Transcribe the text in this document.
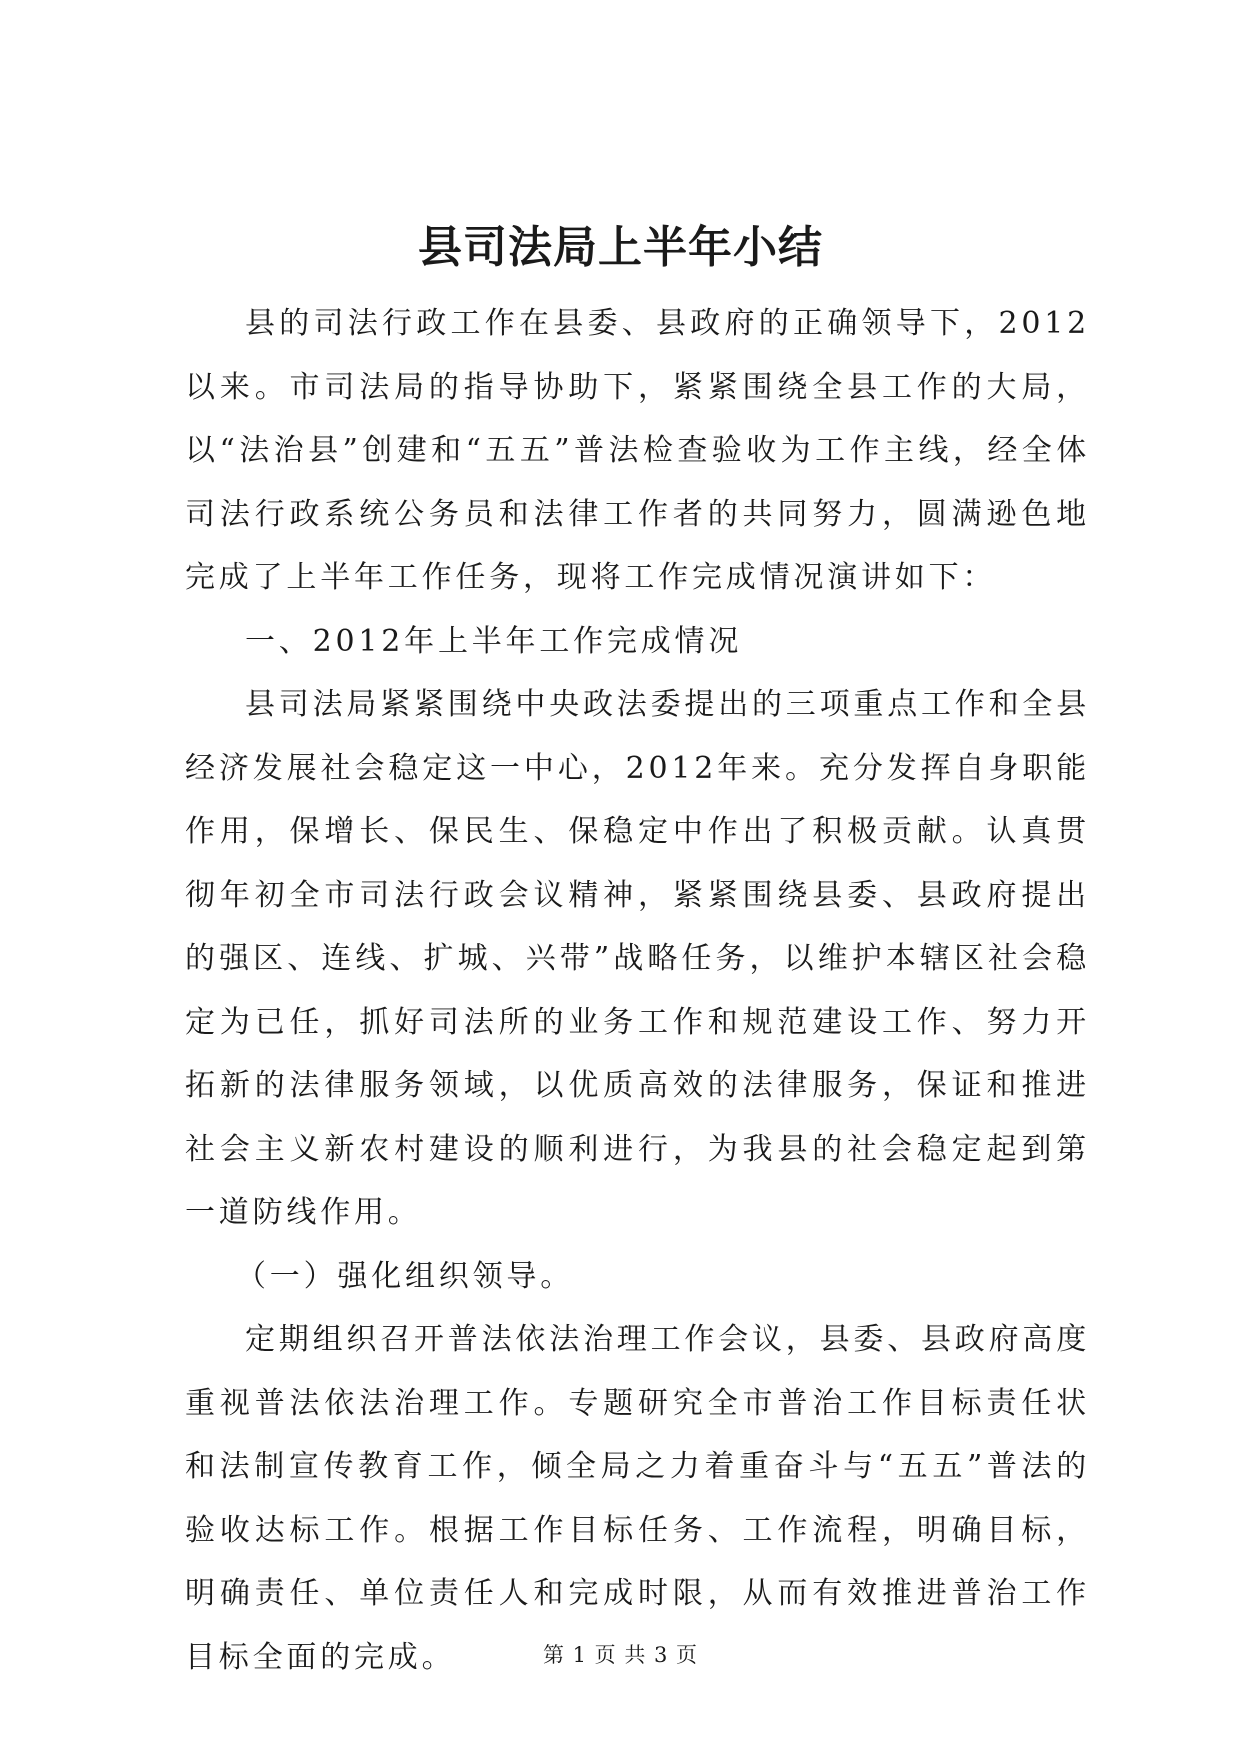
县司法局上半年小结

县的司法行政工作在县委、县政府的正确领导下，2012以来。市司法局的指导协助下，紧紧围绕全县工作的大局，以“法治县”创建和“五五”普法检查验收为工作主线，经全体司法行政系统公务员和法律工作者的共同努力，圆满逊色地完成了上半年工作任务，现将工作完成情况演讲如下：

一、2012年上半年工作完成情况

县司法局紧紧围绕中央政法委提出的三项重点工作和全县经济发展社会稳定这一中心，2012年来。充分发挥自身职能作用，保增长、保民生、保稳定中作出了积极贡献。认真贯彻年初全市司法行政会议精神，紧紧围绕县委、县政府提出的强区、连线、扩城、兴带”战略任务，以维护本辖区社会稳定为已任，抓好司法所的业务工作和规范建设工作、努力开拓新的法律服务领域，以优质高效的法律服务，保证和推进社会主义新农村建设的顺利进行，为我县的社会稳定起到第一道防线作用。

（一）强化组织领导。

定期组织召开普法依法治理工作会议，县委、县政府高度重视普法依法治理工作。专题研究全市普治工作目标责任状和法制宣传教育工作，倾全局之力着重奋斗与“五五”普法的验收达标工作。根据工作目标任务、工作流程，明确目标，明确责任、单位责任人和完成时限，从而有效推进普治工作目标全面的完成。	第 1 页 共 3 页
